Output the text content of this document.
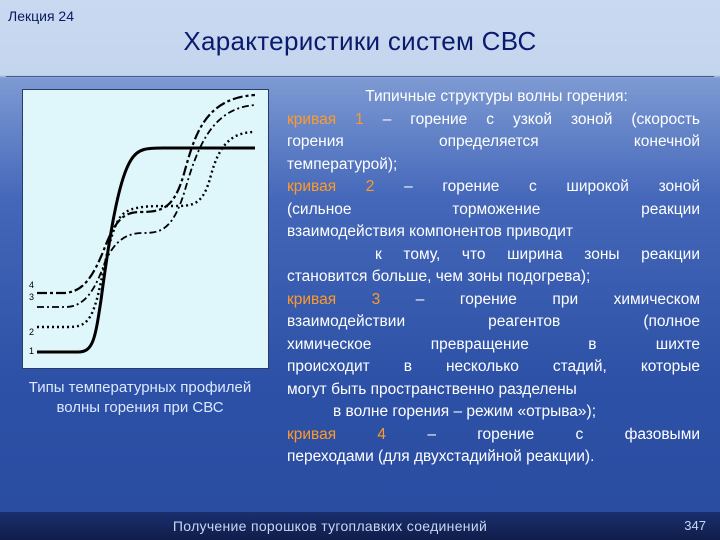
Лекция 24
Характеристики систем СВС
4
3
2
1
Типы температурных профилей
волны горения при СВС

Типичные структуры волны горения:

кривая 1 – горение с узкой зоной (скорость

горения определяется конечной

температурой);

кривая 2 – горение с широкой зоной

(сильное торможение реакции

взаимодействия компонентов приводит

к тому, что ширина зоны реакции

становится больше, чем зоны подогрева);

кривая 3 – горение при химическом

взаимодействии реагентов (полное

химическое превращение в шихте

происходит в несколько стадий, которые

могут быть пространственно разделены

в волне горения – режим «отрыва»);

кривая 4	– горение с фазовыми

переходами (для двухстадийной реакции).

Получение порошков тугоплавких соединений	347
